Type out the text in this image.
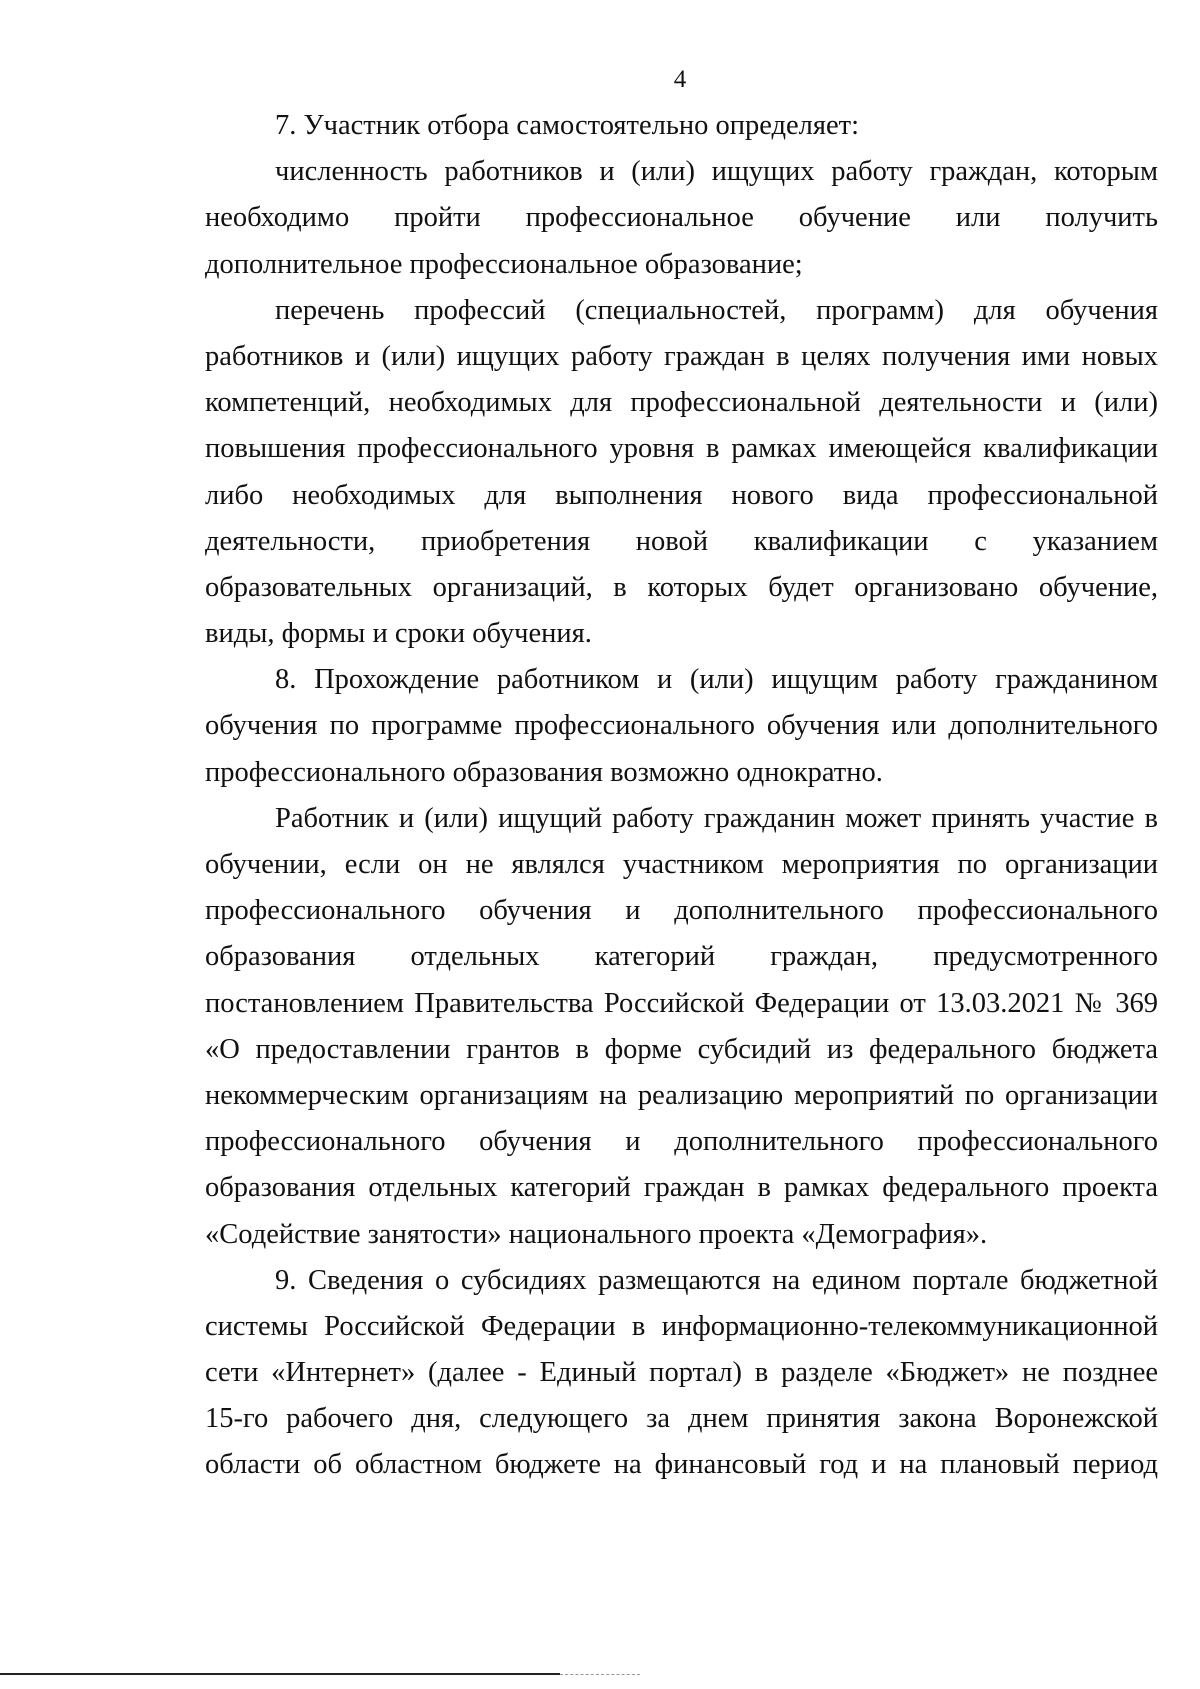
4
7. Участник отбора самостоятельно определяет:
численность работников и (или) ищущих работу граждан, которым
необходимо пройти профессиональное обучение или получить
дополнительное профессиональное образование;
перечень профессий (специальностей, программ) для обучения
работников и (или) ищущих работу граждан в целях получения ими новых
компетенций, необходимых для профессиональной деятельности и (или)
повышения профессионального уровня в рамках имеющейся квалификации
либо необходимых для выполнения нового вида профессиональной
деятельности, приобретения новой квалификации с указанием
образовательных организаций, в которых будет организовано обучение,
виды, формы и сроки обучения.
8. Прохождение работником и (или) ищущим работу гражданином
обучения по программе профессионального обучения или дополнительного
профессионального образования возможно однократно.
Работник и (или) ищущий работу гражданин может принять участие в
обучении, если он не являлся участником мероприятия по организации
профессионального обучения и дополнительного профессионального
образования отдельных категорий граждан, предусмотренного
постановлением Правительства Российской Федерации от 13.03.2021 № 369
«О предоставлении грантов в форме субсидий из федерального бюджета
некоммерческим организациям на реализацию мероприятий по организации
профессионального обучения и дополнительного профессионального
образования отдельных категорий граждан в рамках федерального проекта
«Содействие занятости» национального проекта «Демография».
9. Сведения о субсидиях размещаются на едином портале бюджетной
системы Российской Федерации в информационно-телекоммуникационной
сети «Интернет» (далее - Единый портал) в разделе «Бюджет» не позднее
15-го рабочего дня, следующего за днем принятия закона Воронежской
области об областном бюджете на финансовый год и на плановый период
